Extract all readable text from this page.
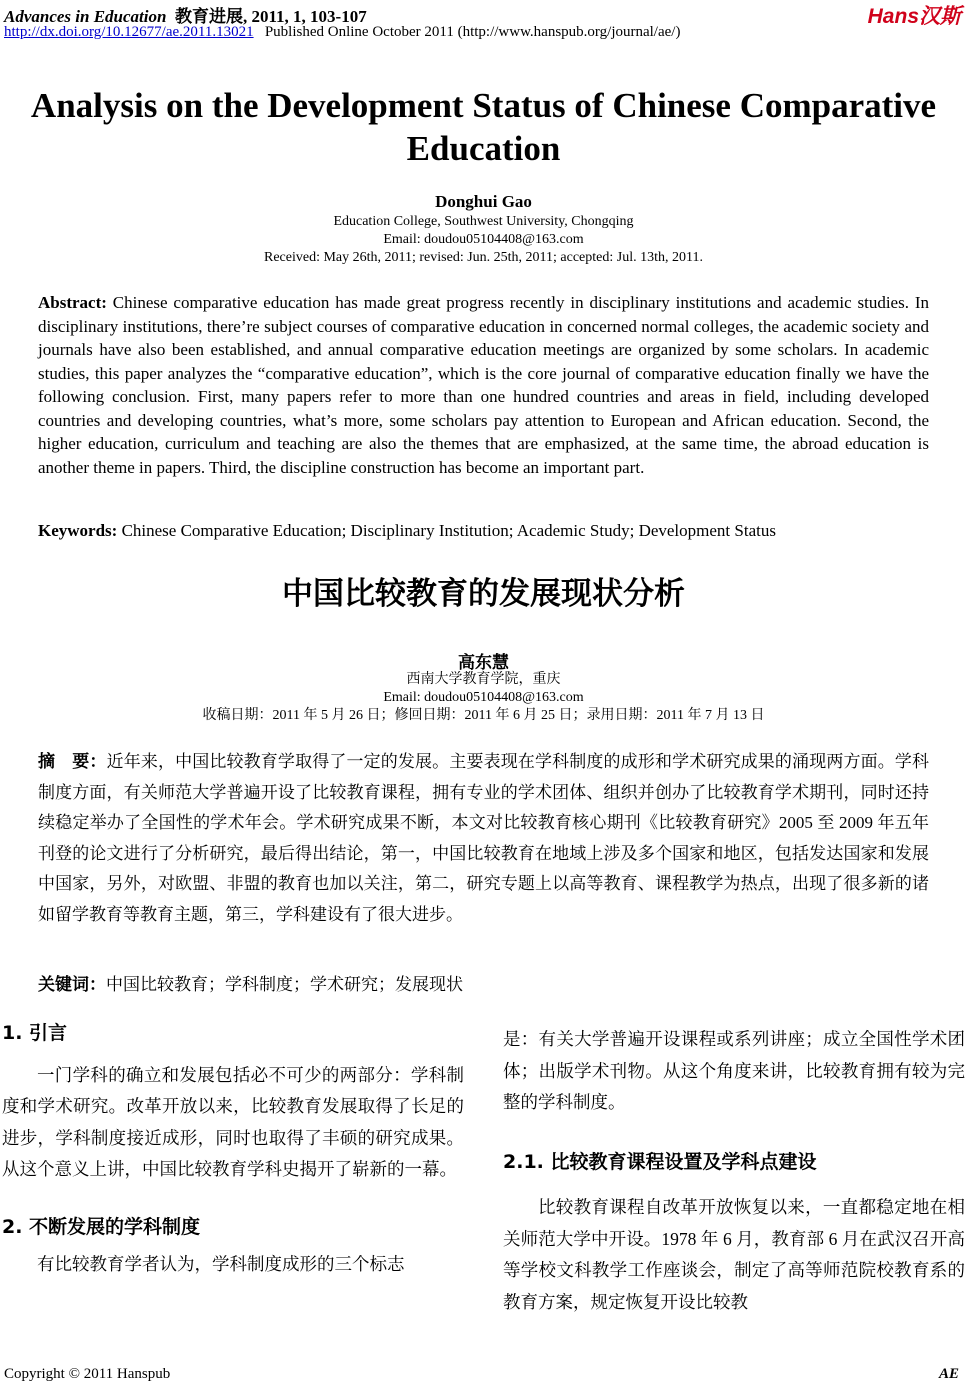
Advances in Education 教育进展, 2011, 1, 103-107
http://dx.doi.org/10.12677/ae.2011.13021 Published Online October 2011 (http://www.hanspub.org/journal/ae/)
Hans汉斯
Analysis on the Development Status of Chinese Comparative Education
Donghui Gao
Education College, Southwest University, Chongqing
Email: doudou05104408@163.com
Received: May 26th, 2011; revised: Jun. 25th, 2011; accepted: Jul. 13th, 2011.
Abstract: Chinese comparative education has made great progress recently in disciplinary institutions and academic studies. In disciplinary institutions, there’re subject courses of comparative education in concerned normal colleges, the academic society and journals have also been established, and annual comparative education meetings are organized by some scholars. In academic studies, this paper analyzes the “comparative education”, which is the core journal of comparative education finally we have the following conclusion. First, many papers refer to more than one hundred countries and areas in field, including developed countries and developing countries, what’s more, some scholars pay attention to European and African education. Second, the higher education, curriculum and teaching are also the themes that are emphasized, at the same time, the abroad education is another theme in papers. Third, the discipline construction has become an important part.
Keywords: Chinese Comparative Education; Disciplinary Institution; Academic Study; Development Status
中国比较教育的发展现状分析
高东慧
西南大学教育学院，重庆
Email: doudou05104408@163.com
收稿日期：2011 年 5 月 26 日；修回日期：2011 年 6 月 25 日；录用日期：2011 年 7 月 13 日
摘　要：近年来，中国比较教育学取得了一定的发展。主要表现在学科制度的成形和学术研究成果的涌现两方面。学科制度方面，有关师范大学普遍开设了比较教育课程，拥有专业的学术团体、组织并创办了比较教育学术期刊，同时还持续稳定举办了全国性的学术年会。学术研究成果不断，本文对比较教育核心期刊《比较教育研究》2005 至 2009 年五年刊登的论文进行了分析研究，最后得出结论，第一，中国比较教育在地域上涉及多个国家和地区，包括发达国家和发展中国家，另外，对欧盟、非盟的教育也加以关注，第二，研究专题上以高等教育、课程教学为热点，出现了很多新的诸如留学教育等教育主题，第三，学科建设有了很大进步。
关键词：中国比较教育；学科制度；学术研究；发展现状
1. 引言

一门学科的确立和发展包括必不可少的两部分：学科制度和学术研究。改革开放以来，比较教育发展取得了长足的进步，学科制度接近成形，同时也取得了丰硕的研究成果。从这个意义上讲，中国比较教育学科史揭开了崭新的一幕。

2. 不断发展的学科制度

有比较教育学者认为，学科制度成形的三个标志

是：有关大学普遍开设课程或系列讲座；成立全国性学术团体；出版学术刊物。从这个角度来讲，比较教育拥有较为完整的学科制度。

2.1. 比较教育课程设置及学科点建设

比较教育课程自改革开放恢复以来，一直都稳定地在相关师范大学中开设。1978 年 6 月，教育部 6 月在武汉召开高等学校文科教学工作座谈会，制定了高等师范院校教育系的教育方案，规定恢复开设比较教

Copyright © 2011 Hanspub	AE
